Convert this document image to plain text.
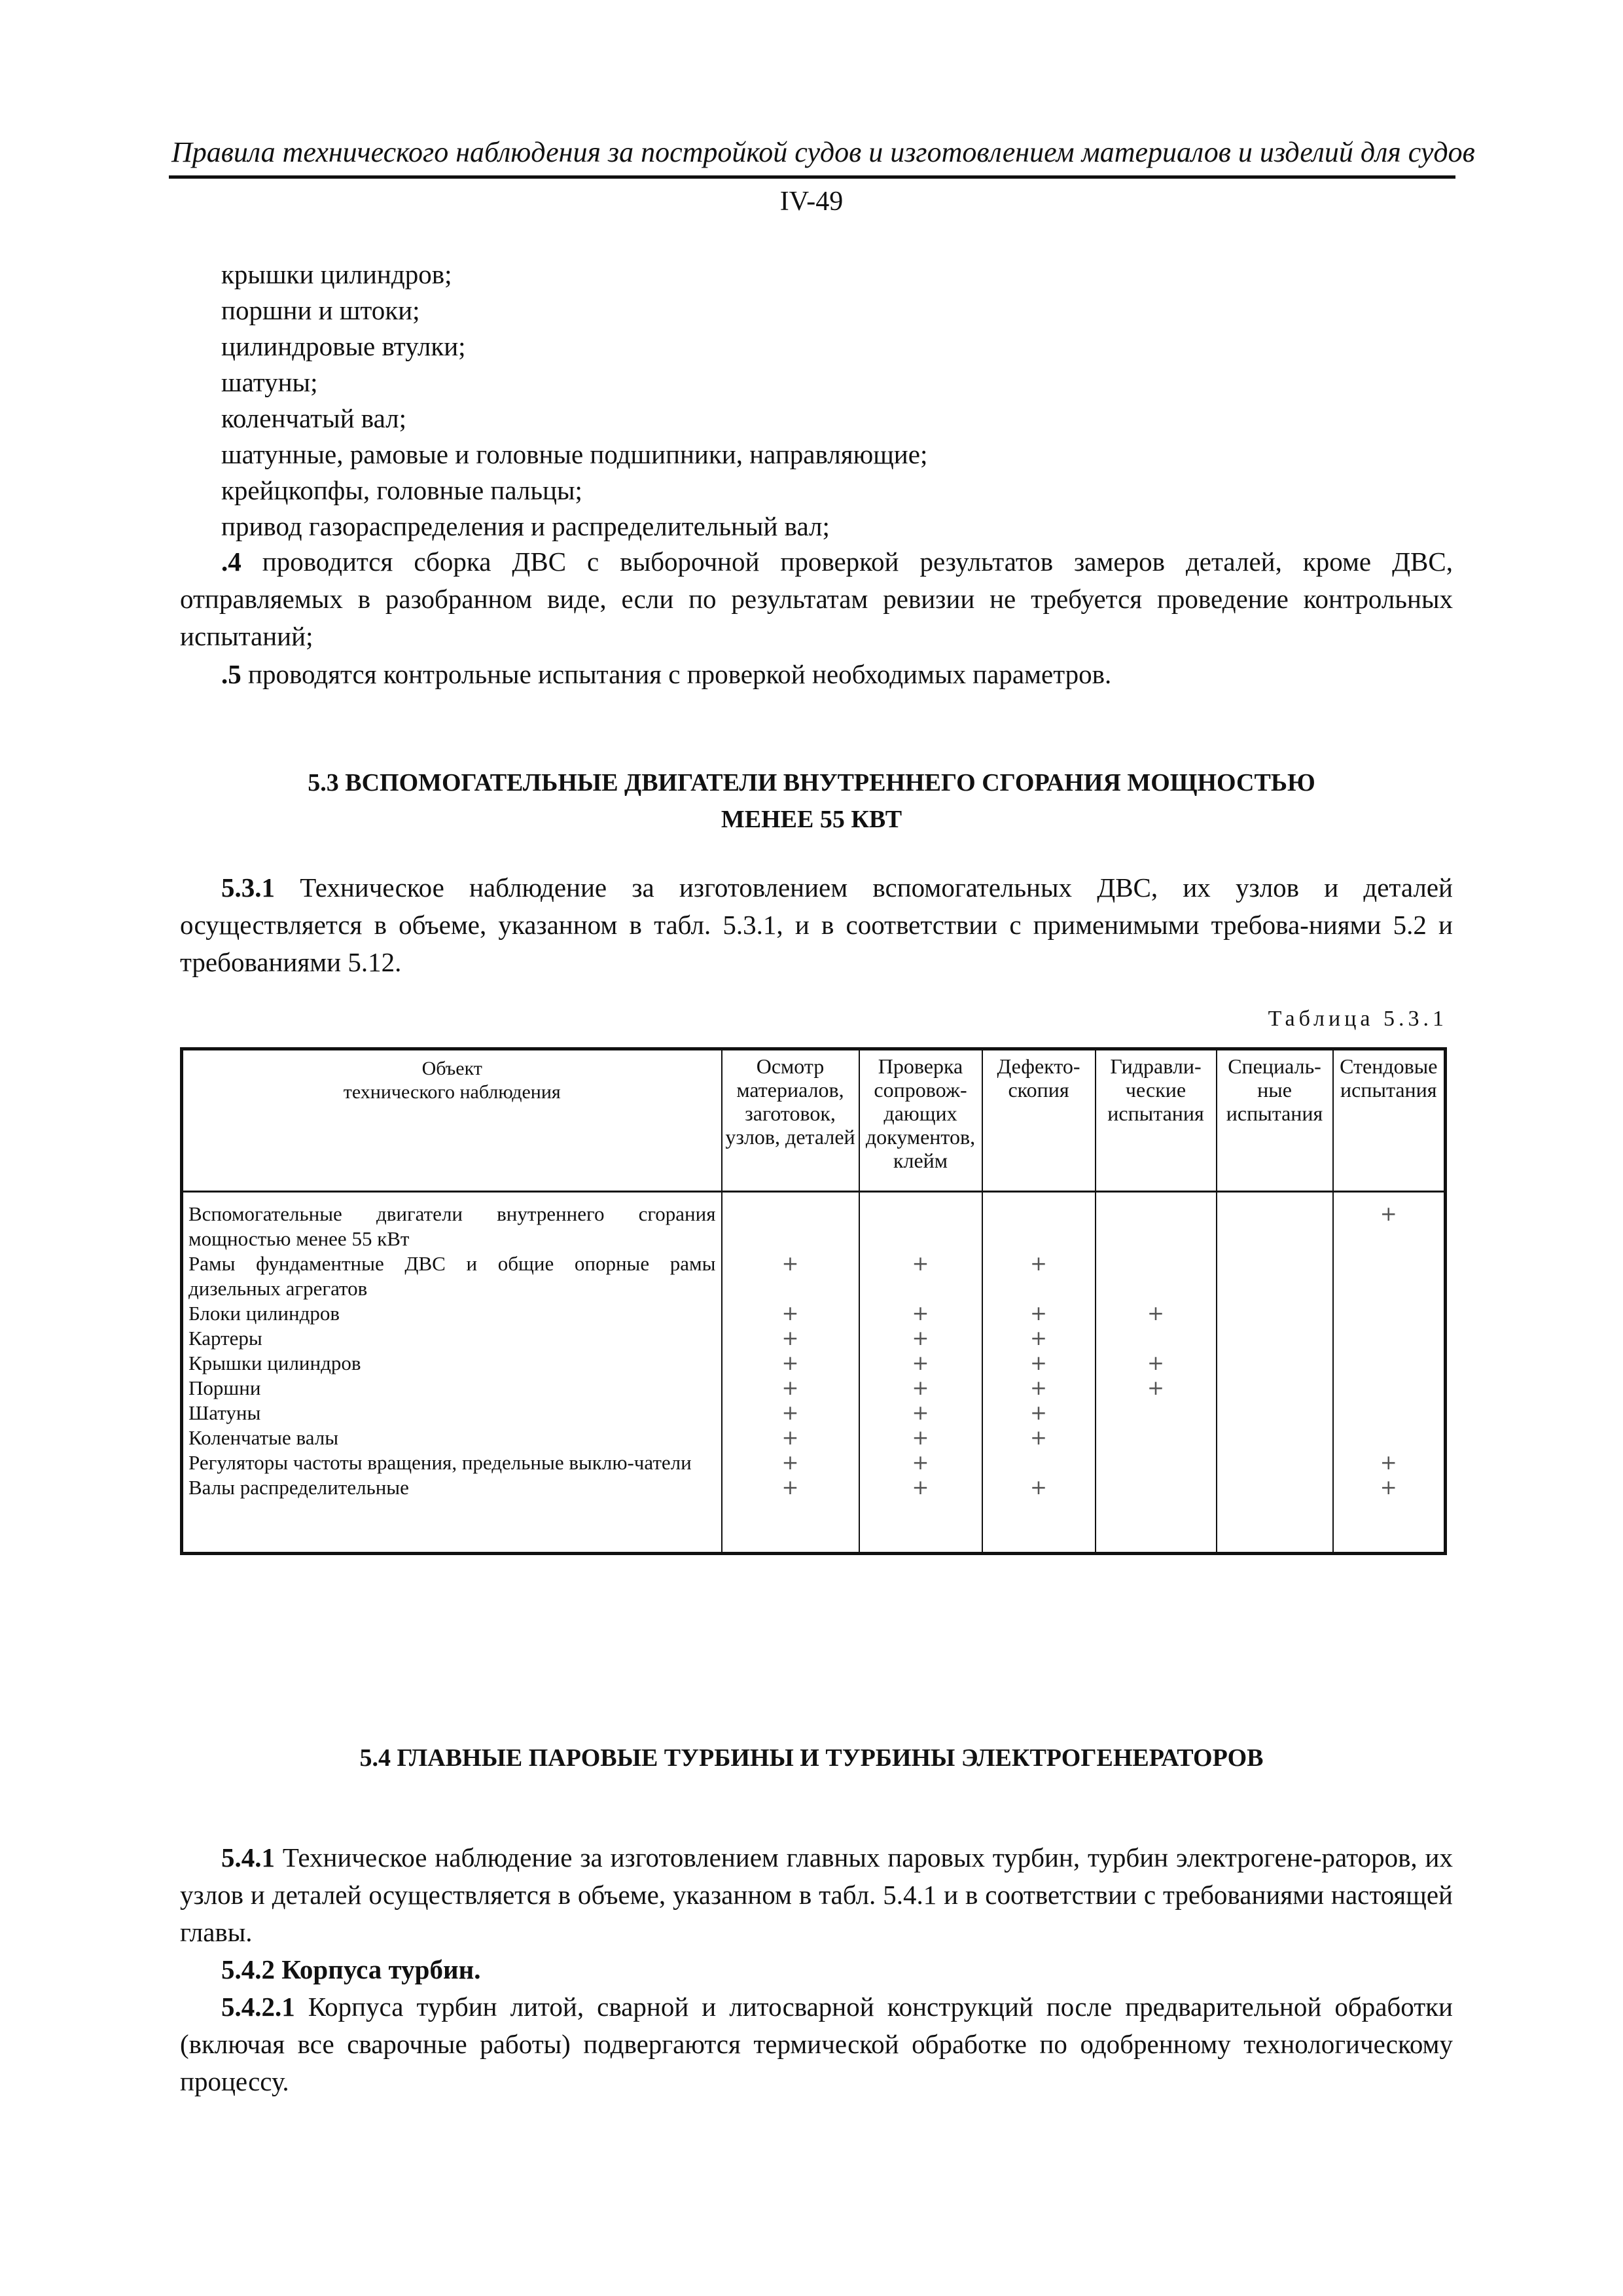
Правила технического наблюдения за постройкой судов и изготовлением материалов и изделий для судов
IV-49
крышки цилиндров;
поршни и штоки;
цилиндровые втулки;
шатуны;
коленчатый вал;
шатунные, рамовые и головные подшипники, направляющие;
крейцкопфы, головные пальцы;
привод газораспределения и распределительный вал;

.4 проводится сборка ДВС с выборочной проверкой результатов замеров деталей, кроме ДВС, отправляемых в разобранном виде, если по результатам ревизии не требуется проведение контрольных испытаний;

.5 проводятся контрольные испытания с проверкой необходимых параметров.

5.3 ВСПОМОГАТЕЛЬНЫЕ ДВИГАТЕЛИ ВНУТРЕННЕГО СГОРАНИЯ МОЩНОСТЬЮ
МЕНЕЕ 55 КВТ

5.3.1 Техническое наблюдение за изготовлением вспомогательных ДВС, их узлов и деталей осуществляется в объеме, указанном в табл. 5.3.1, и в соответствии с применимыми требова-ниями 5.2 и требованиями 5.12.

Таблица 5.3.1
Объект
технического наблюдения	Осмотр материалов, заготовок, узлов, деталей	Проверка сопровож-дающих документов, клейм	Дефекто-скопия	Гидравли-ческие испытания	Специаль-ные испытания	Стендовые испытания
Вспомогательные двигатели внутреннего сгорания мощностью менее 55 кВт						+
Рамы фундаментные ДВС и общие опорные рамы дизельных агрегатов	+	+	+			
Блоки цилиндров	+	+	+	+		
Картеры	+	+	+			
Крышки цилиндров	+	+	+	+		
Поршни	+	+	+	+		
Шатуны	+	+	+			
Коленчатые валы	+	+	+			
Регуляторы частоты вращения, предельные выклю-чатели	+	+				+
Валы распределительные	+	+	+			+

5.4 ГЛАВНЫЕ ПАРОВЫЕ ТУРБИНЫ И ТУРБИНЫ ЭЛЕКТРОГЕНЕРАТОРОВ

5.4.1 Техническое наблюдение за изготовлением главных паровых турбин, турбин электрогене-раторов, их узлов и деталей осуществляется в объеме, указанном в табл. 5.4.1 и в соответствии с требованиями настоящей главы.

5.4.2 Корпуса турбин.

5.4.2.1 Корпуса турбин литой, сварной и литосварной конструкций после предварительной обработки (включая все сварочные работы) подвергаются термической обработке по одобренному технологическому процессу.
